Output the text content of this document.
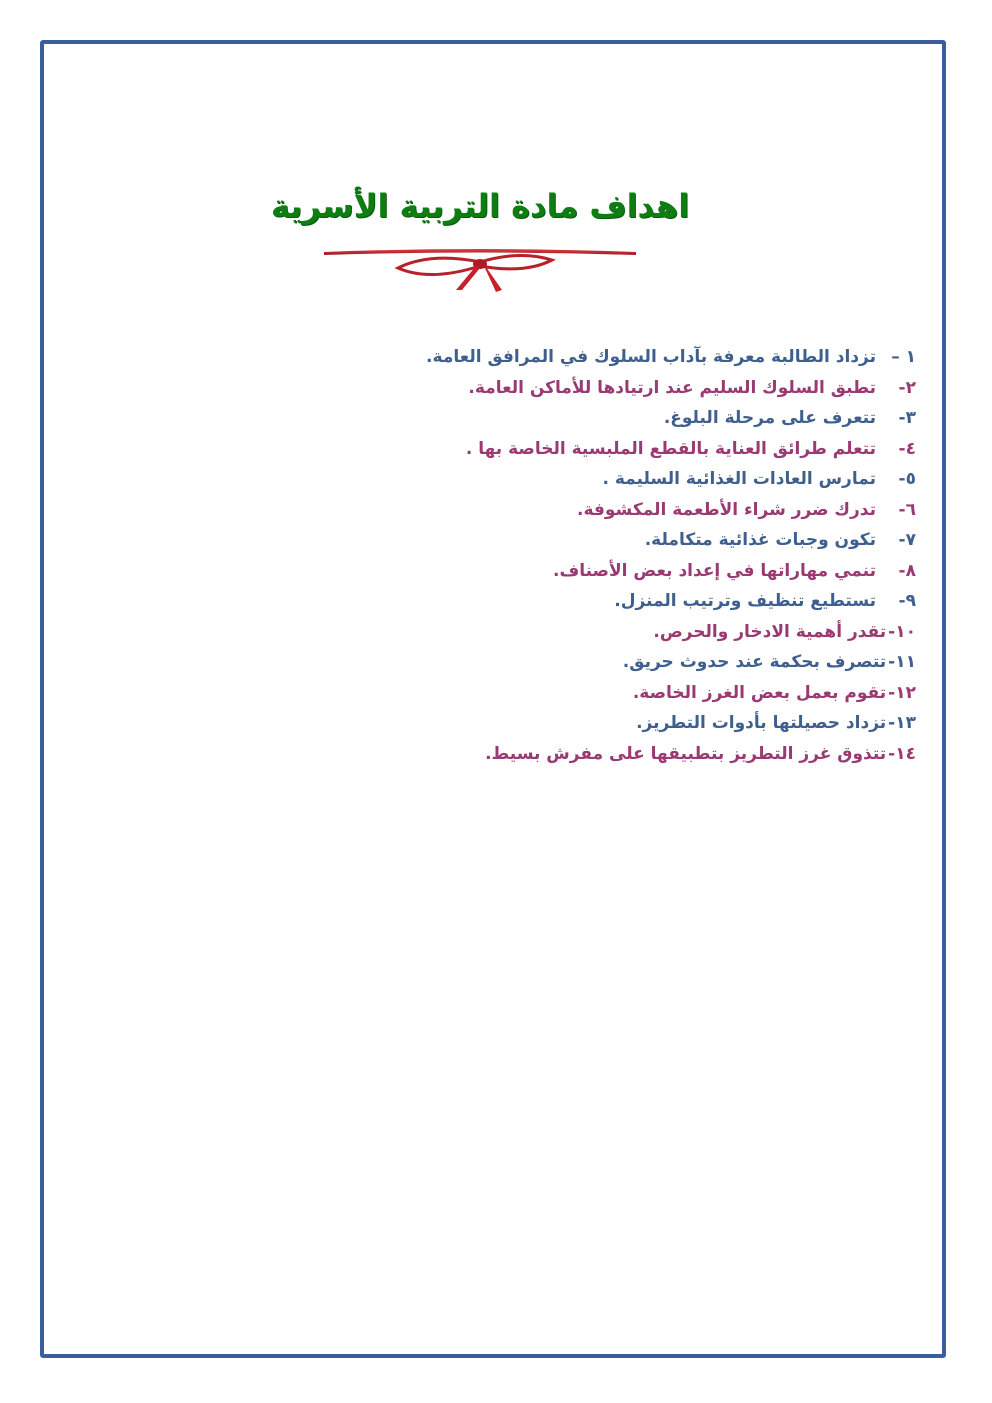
اهداف مادة التربية الأسرية
١ –
تزداد الطالبة معرفة بآداب السلوك في المرافق العامة.
٢-
تطبق السلوك السليم عند ارتيادها للأماكن العامة.
٣-
تتعرف على مرحلة البلوغ.
٤-
تتعلم طرائق العناية بالقطع الملبسية الخاصة بها .
٥-
تمارس العادات الغذائية السليمة .
٦-
تدرك ضرر شراء الأطعمة المكشوفة.
٧-
تكون وجبات غذائية متكاملة.
٨-
تنمي مهاراتها في إعداد بعض الأصناف.
٩-
تستطيع تنظيف وترتيب المنزل.
١٠-
تقدر أهمية الادخار والحرص.
١١-
تتصرف بحكمة عند حدوث حريق.
١٢-
تقوم بعمل بعض الغرز الخاصة.
١٣-
تزداد حصيلتها بأدوات التطريز.
١٤-
تتذوق غرز التطريز بتطبيقها على مفرش بسيط.
